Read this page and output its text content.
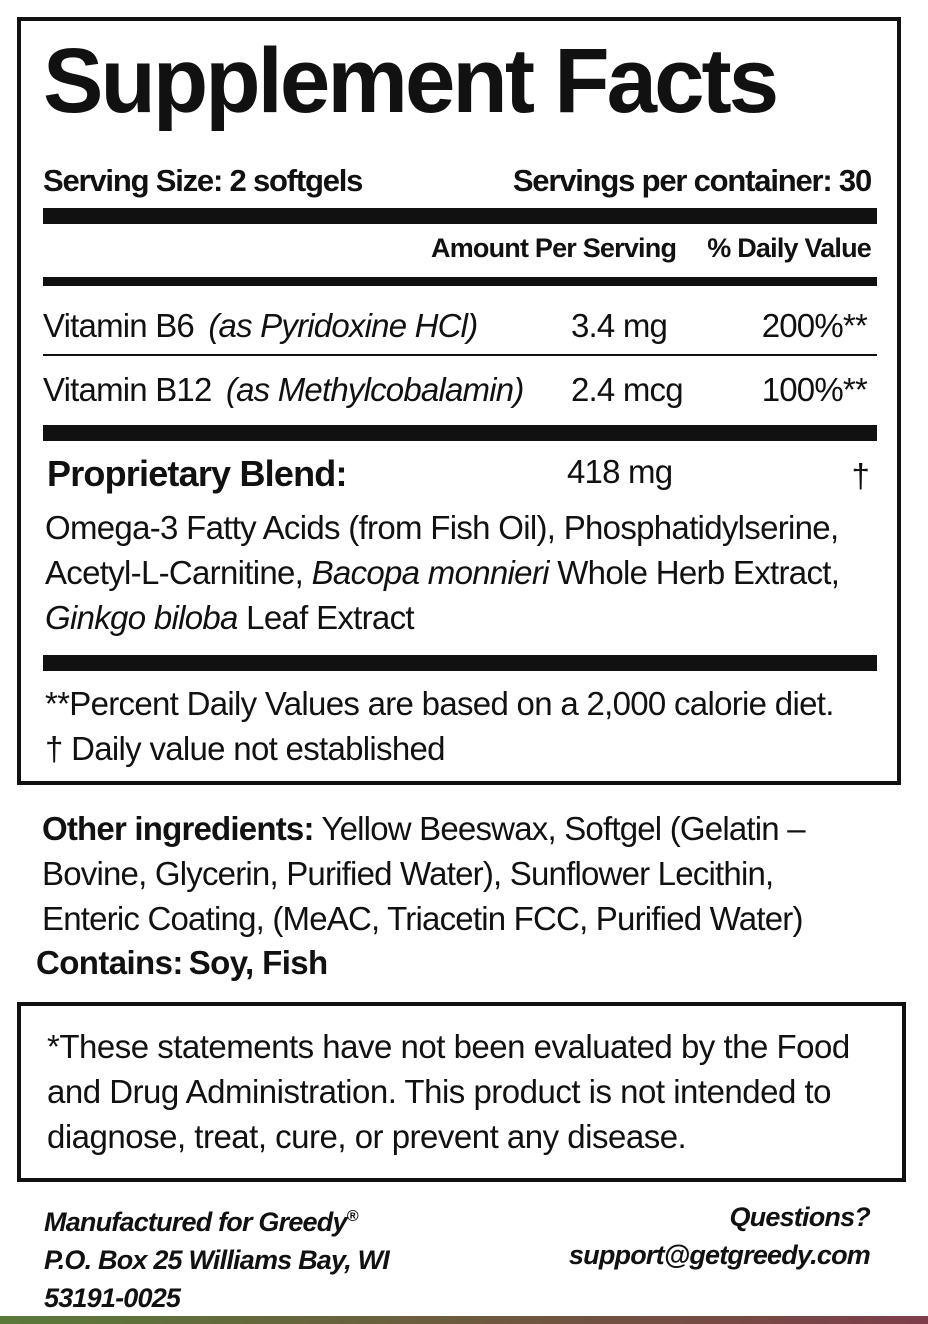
Supplement Facts
Serving Size: 2 softgels	Servings per container: 30
Amount Per Serving % Daily Value
Vitamin B6 (as Pyridoxine HCl)	3.4 mg	200%**
Vitamin B12 (as Methylcobalamin) 2.4 mcg 100%**
Proprietary Blend:	418 mg	†
Omega-3 Fatty Acids (from Fish Oil), Phosphatidylserine,
Acetyl-L-Carnitine, Bacopa monnieri Whole Herb Extract,
Ginkgo biloba Leaf Extract
**Percent Daily Values are based on a 2,000 calorie diet.
† Daily value not established
Other ingredients: Yellow Beeswax, Softgel (Gelatin –
Bovine, Glycerin, Purified Water), Sunflower Lecithin,
Enteric Coating, (MeAC, Triacetin FCC, Purified Water)
Contains: Soy, Fish
*These statements have not been evaluated by the Food
and Drug Administration. This product is not intended to
diagnose, treat, cure, or prevent any disease.
Manufactured for Greedy®
P.O. Box 25 Williams Bay, WI
53191-0025
Questions?
support@getgreedy.com
